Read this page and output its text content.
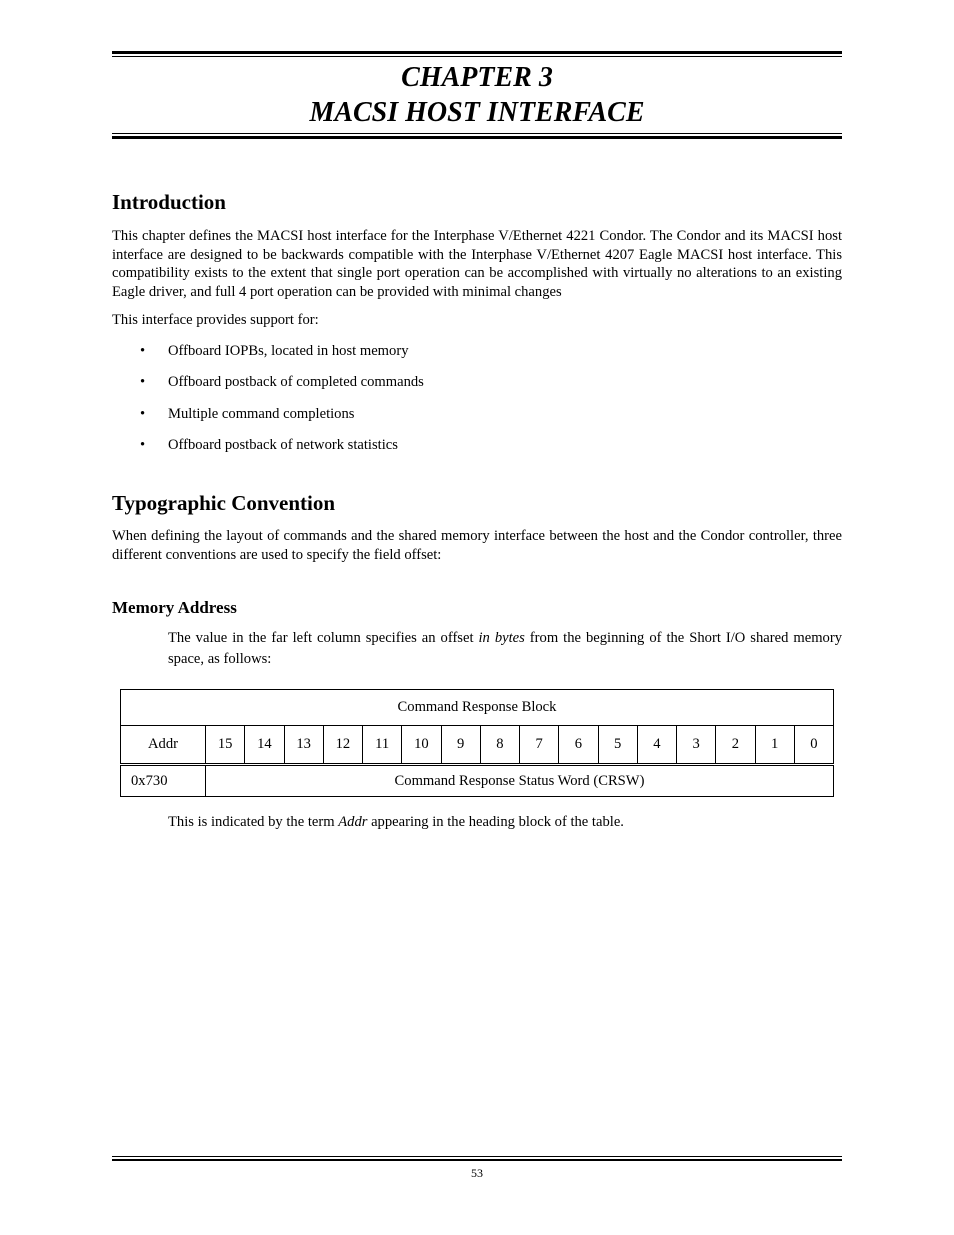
CHAPTER 3
MACSI HOST INTERFACE
Introduction

This chapter defines the MACSI host interface for the Interphase V/Ethernet 4221 Condor. The Condor and its MACSI host interface are designed to be backwards compatible with the Interphase V/Ethernet 4207 Eagle MACSI host interface. This compatibility exists to the extent that single port operation can be accomplished with virtually no alterations to an existing Eagle driver, and full 4 port operation can be provided with minimal changes

This interface provides support for:

• Offboard IOPBs, located in host memory
• Offboard postback of completed commands
• Multiple command completions
• Offboard postback of network statistics
Typographic Convention

When defining the layout of commands and the shared memory interface between the host and the Condor controller, three different conventions are used to specify the field offset:

Memory Address

The value in the far left column specifies an offset in bytes from the beginning of the Short I/O shared memory space, as follows:

Command Response Block																
Addr	15	14	13	12	11	10	9	8	7	6	5	4	3	2	1	0
0x730	Command Response Status Word (CRSW)															

This is indicated by the term Addr appearing in the heading block of the table.

53
